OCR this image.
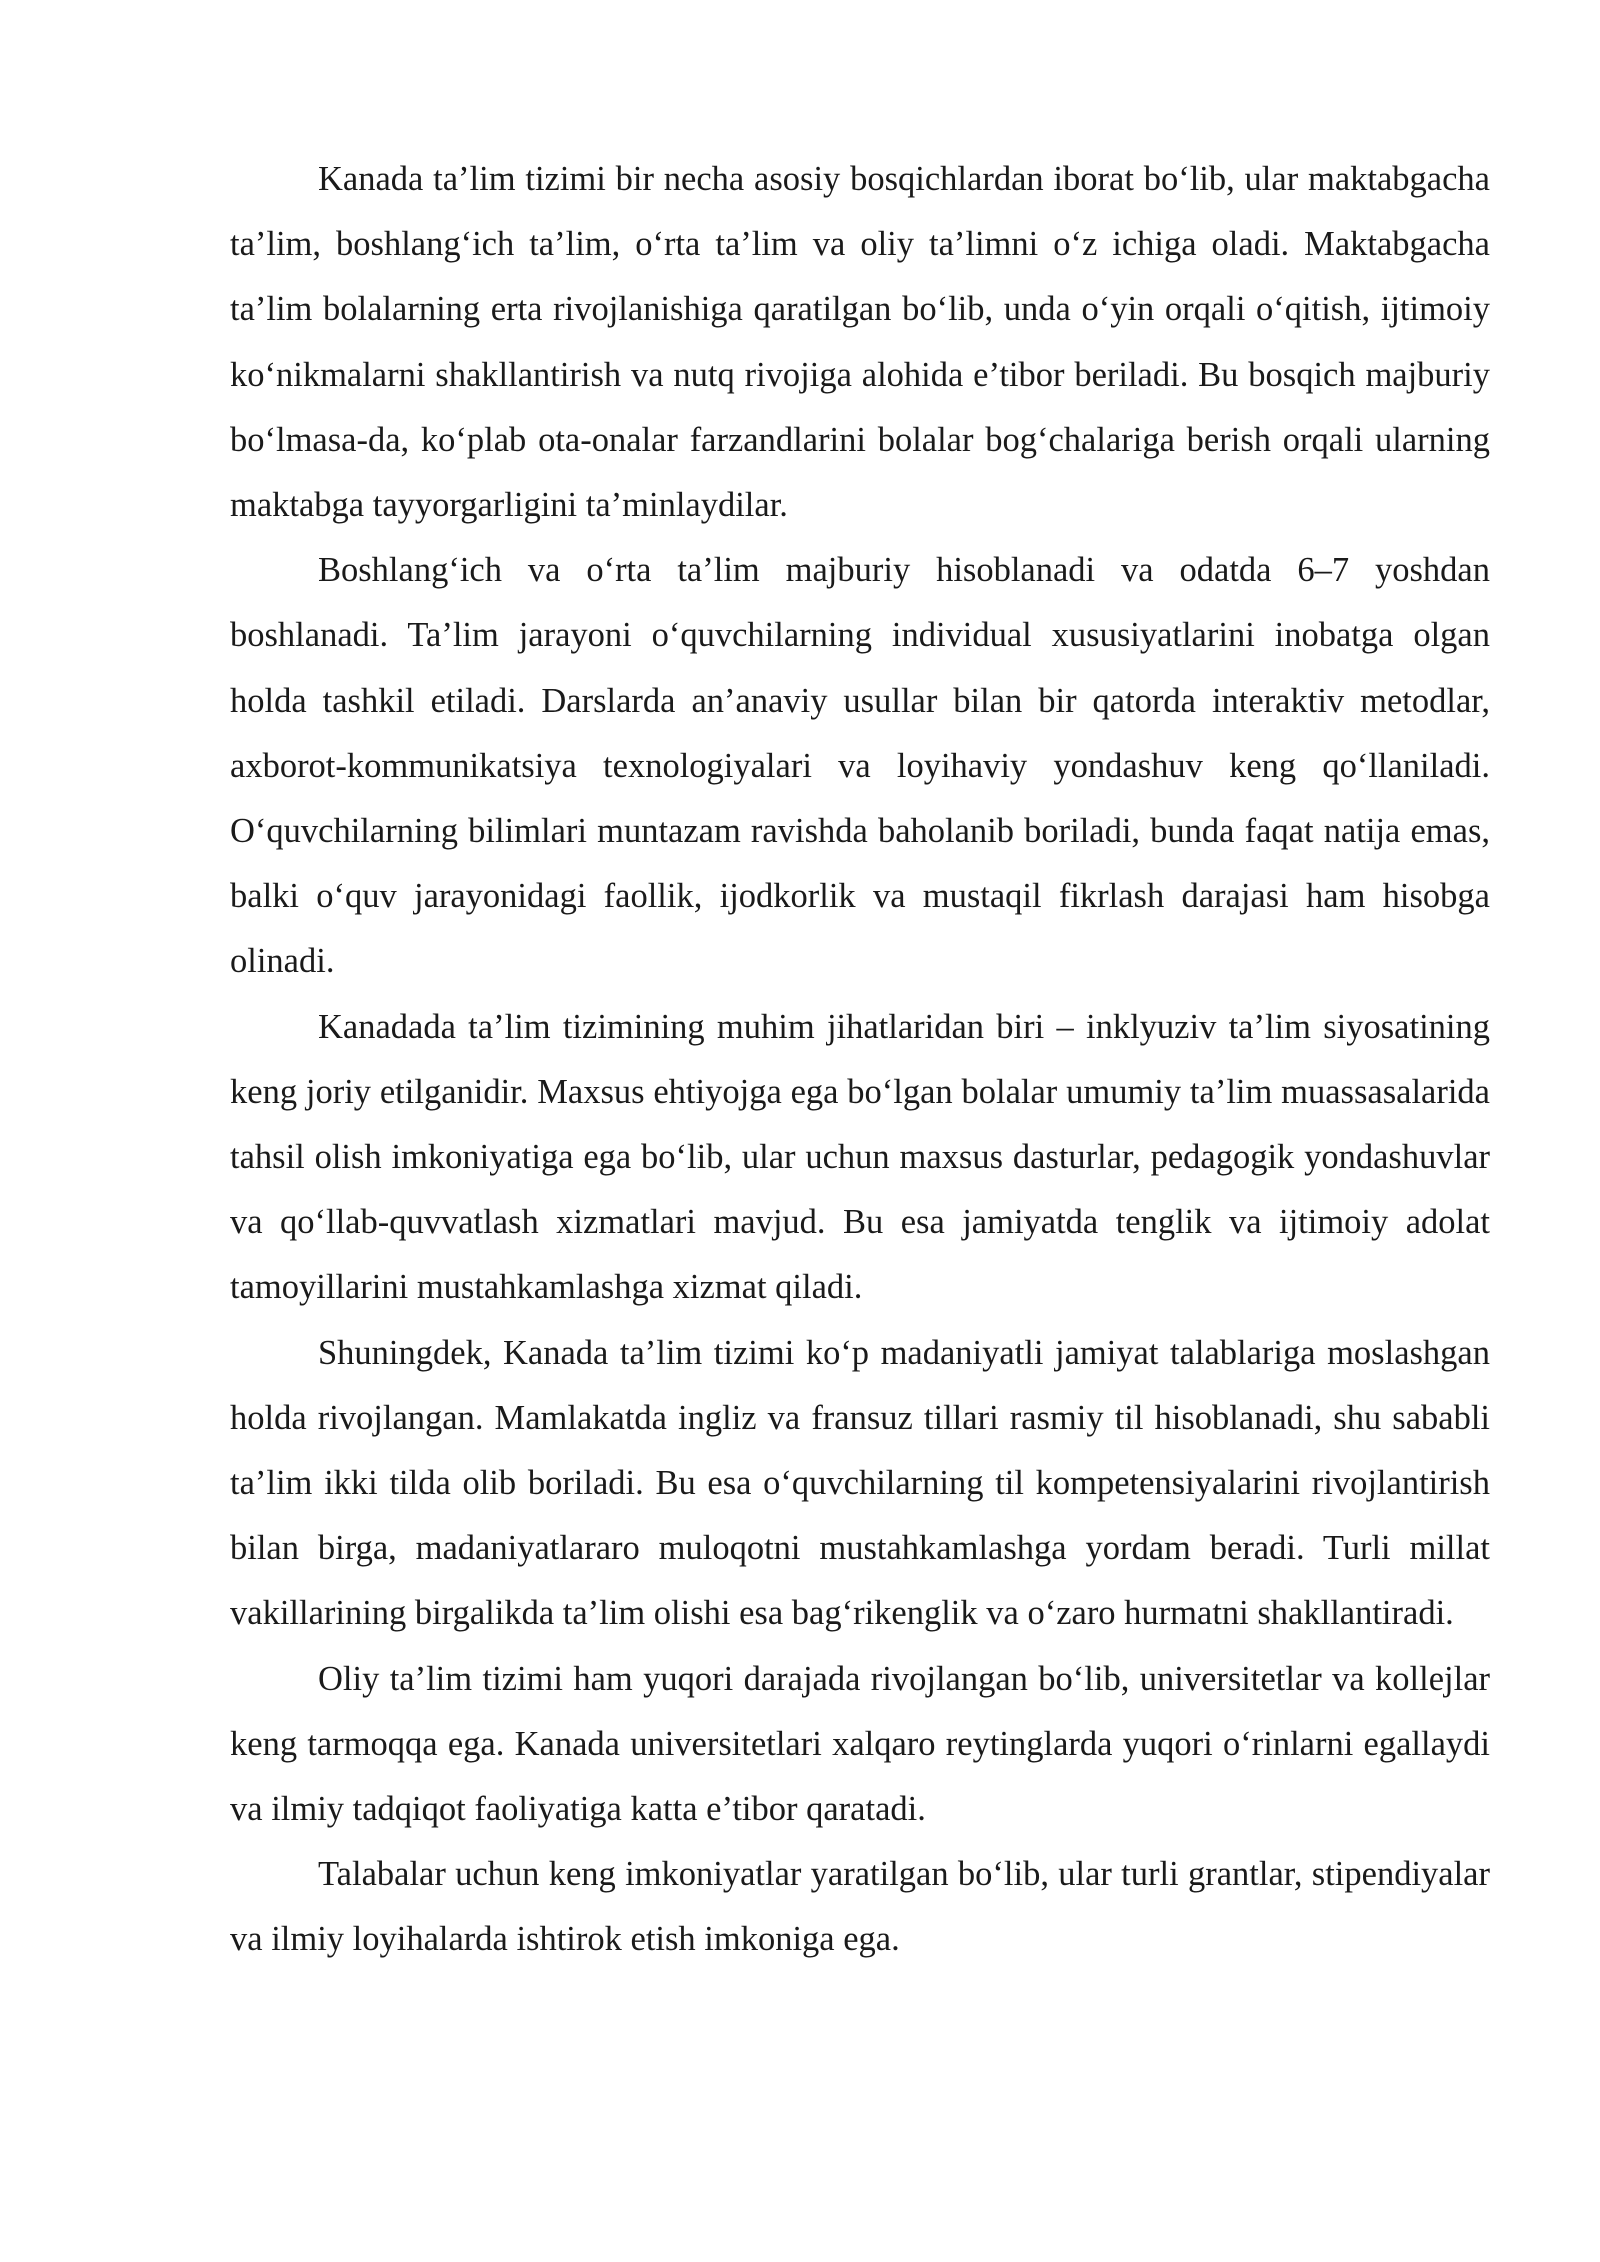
Kanada ta’lim tizimi bir necha asosiy bosqichlardan iborat bo‘lib, ular maktabgacha ta’lim, boshlang‘ich ta’lim, o‘rta ta’lim va oliy ta’limni o‘z ichiga oladi. Maktabgacha ta’lim bolalarning erta rivojlanishiga qaratilgan bo‘lib, unda o‘yin orqali o‘qitish, ijtimoiy ko‘nikmalarni shakllantirish va nutq rivojiga alohida e’tibor beriladi. Bu bosqich majburiy bo‘lmasa-da, ko‘plab ota-onalar farzandlarini bolalar bog‘chalariga berish orqali ularning maktabga tayyorgarligini ta’minlaydilar.

Boshlang‘ich va o‘rta ta’lim majburiy hisoblanadi va odatda 6–7 yoshdan boshlanadi. Ta’lim jarayoni o‘quvchilarning individual xususiyatlarini inobatga olgan holda tashkil etiladi. Darslarda an’anaviy usullar bilan bir qatorda interaktiv metodlar, axborot-kommunikatsiya texnologiyalari va loyihaviy yondashuv keng qo‘llaniladi. O‘quvchilarning bilimlari muntazam ravishda baholanib boriladi, bunda faqat natija emas, balki o‘quv jarayonidagi faollik, ijodkorlik va mustaqil fikrlash darajasi ham hisobga olinadi.

Kanadada ta’lim tizimining muhim jihatlaridan biri – inklyuziv ta’lim siyosatining keng joriy etilganidir. Maxsus ehtiyojga ega bo‘lgan bolalar umumiy ta’lim muassasalarida tahsil olish imkoniyatiga ega bo‘lib, ular uchun maxsus dasturlar, pedagogik yondashuvlar va qo‘llab-quvvatlash xizmatlari mavjud. Bu esa jamiyatda tenglik va ijtimoiy adolat tamoyillarini mustahkamlashga xizmat qiladi.

Shuningdek, Kanada ta’lim tizimi ko‘p madaniyatli jamiyat talablariga moslashgan holda rivojlangan. Mamlakatda ingliz va fransuz tillari rasmiy til hisoblanadi, shu sababli ta’lim ikki tilda olib boriladi. Bu esa o‘quvchilarning til kompetensiyalarini rivojlantirish bilan birga, madaniyatlararo muloqotni mustahkamlashga yordam beradi. Turli millat vakillarining birgalikda ta’lim olishi esa bag‘rikenglik va o‘zaro hurmatni shakllantiradi.

Oliy ta’lim tizimi ham yuqori darajada rivojlangan bo‘lib, universitetlar va kollejlar keng tarmoqqa ega. Kanada universitetlari xalqaro reytinglarda yuqori o‘rinlarni egallaydi va ilmiy tadqiqot faoliyatiga katta e’tibor qaratadi.

Talabalar uchun keng imkoniyatlar yaratilgan bo‘lib, ular turli grantlar, stipendiyalar va ilmiy loyihalarda ishtirok etish imkoniga ega.
